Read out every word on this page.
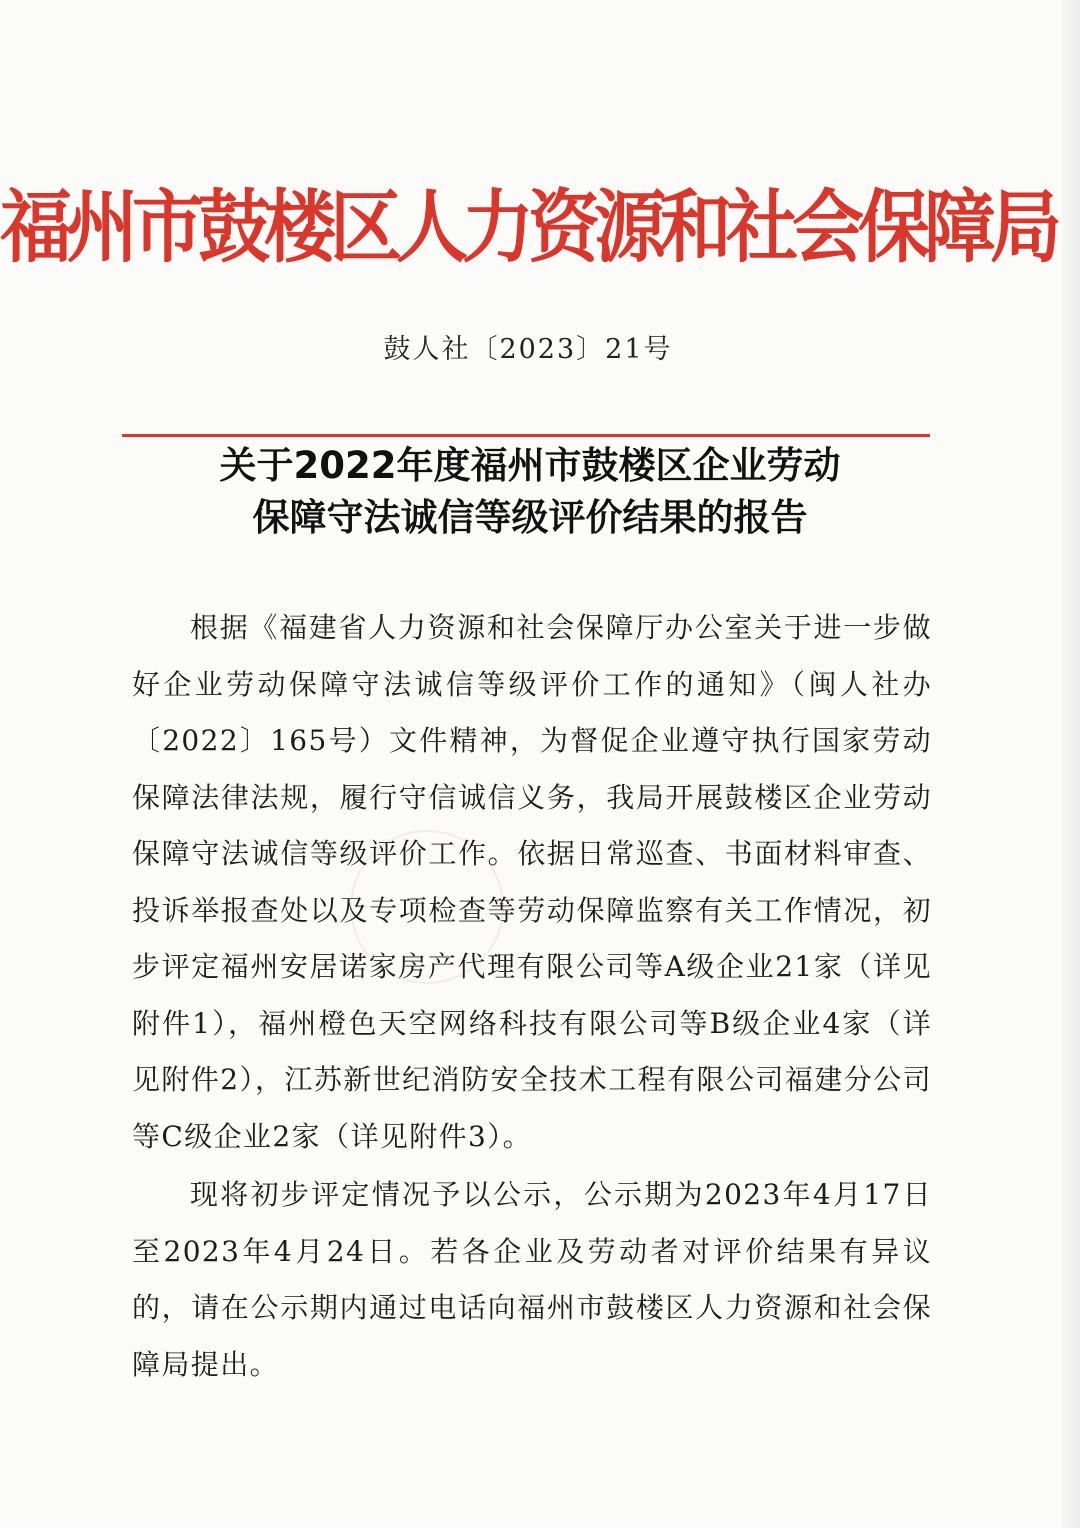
福州市鼓楼区人力资源和社会保障局
鼓人社〔2023〕21号
关于2022年度福州市鼓楼区企业劳动
保障守法诚信等级评价结果的报告

根据《福建省人力资源和社会保障厅办公室关于进一步做好企业劳动保障守法诚信等级评价工作的通知》（闽人社办〔2022〕165号）文件精神，为督促企业遵守执行国家劳动保障法律法规，履行守信诚信义务，我局开展鼓楼区企业劳动保障守法诚信等级评价工作。依据日常巡查、书面材料审查、投诉举报查处以及专项检查等劳动保障监察有关工作情况，初步评定福州安居诺家房产代理有限公司等A级企业21家（详见附件1），福州橙色天空网络科技有限公司等B级企业4家（详见附件2），江苏新世纪消防安全技术工程有限公司福建分公司等C级企业2家（详见附件3）。

现将初步评定情况予以公示，公示期为2023年4月17日至2023年4月24日。若各企业及劳动者对评价结果有异议的，请在公示期内通过电话向福州市鼓楼区人力资源和社会保障局提出。
